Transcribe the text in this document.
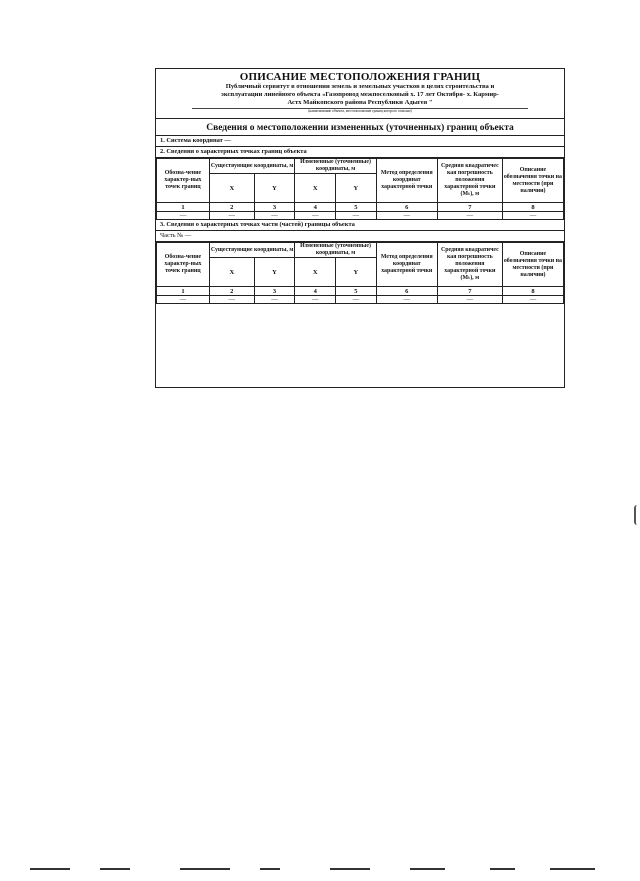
ОПИСАНИЕ МЕСТОПОЛОЖЕНИЯ ГРАНИЦ
Публичный сервитут в отношении земель и земельных участков в целях строительства и
эксплуатации линейного объекта «Газопровод межпоселковый х. 17 лет Октября- х. Кармир-
Астх Майкопского района Республики Адыгея "
(наименование объекта, местоположение границ которого описано)
Сведения о местоположении измененных (уточненных) границ объекта
1. Система координат —
2. Сведения о характерных точках границ объекта
Обозна-чение характер-ных точек границ	Существующие координаты, м		Измененные (уточненные) координаты, м		Метод определения координат характерной точки	Средняя квадратичес кая погрешность положения характерной точки (Mₜ), м	Описание обозначения точки на местности (при наличии)
	X	Y	X	Y			
1	2	3	4	5	6	7	8
—	—	—	—	—	—	—	—
3. Сведения о характерных точках части (частей) границы объекта
Часть № —
Обозна-чение характер-ных точек границ	Существующие координаты, м		Измененные (уточненные) координаты, м		Метод определения координат характерной точки	Средняя квадратичес кая погрешность положения характерной точки (Mₜ), м	Описание обозначения точки на местности (при наличии)
	X	Y	X	Y			
1	2	3	4	5	6	7	8
—	—	—	—	—	—	—	—
